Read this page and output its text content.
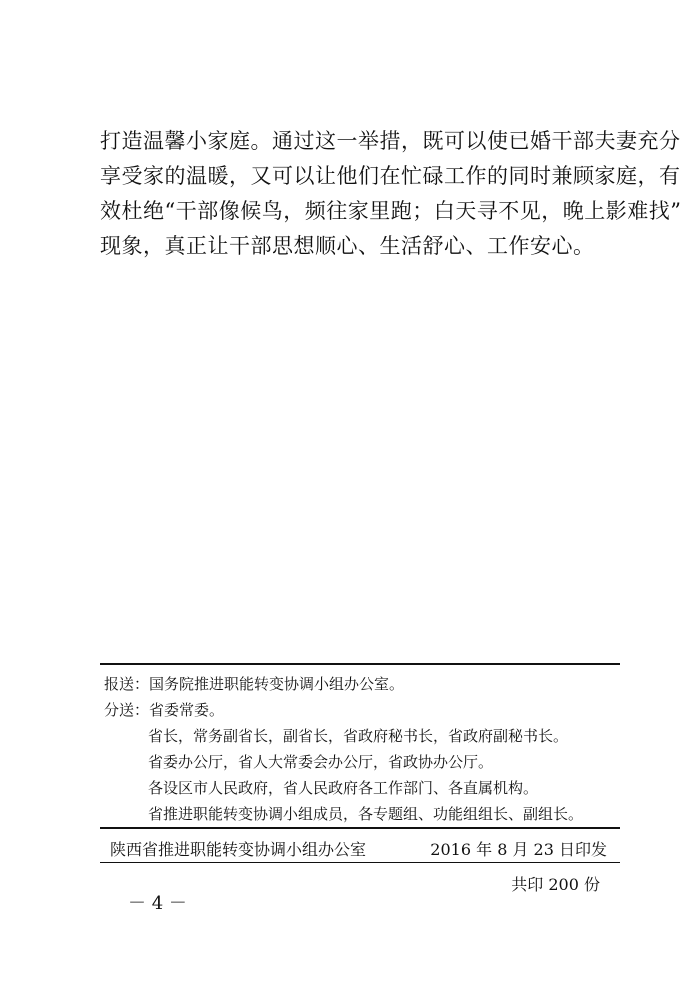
打造温馨小家庭。通过这一举措，既可以使已婚干部夫妻充分
享受家的温暖，又可以让他们在忙碌工作的同时兼顾家庭，有
效杜绝“干部像候鸟，频往家里跑；白天寻不见，晚上影难找”
现象，真正让干部思想顺心、生活舒心、工作安心。
报送：国务院推进职能转变协调小组办公室。
分送：省委常委。
省长，常务副省长，副省长，省政府秘书长，省政府副秘书长。
省委办公厅，省人大常委会办公厅，省政协办公厅。
各设区市人民政府，省人民政府各工作部门、各直属机构。
省推进职能转变协调小组成员，各专题组、功能组组长、副组长。
陕西省推进职能转变协调小组办公室	2016 年 8 月 23 日印发
共印 200 份
－ 4 －
